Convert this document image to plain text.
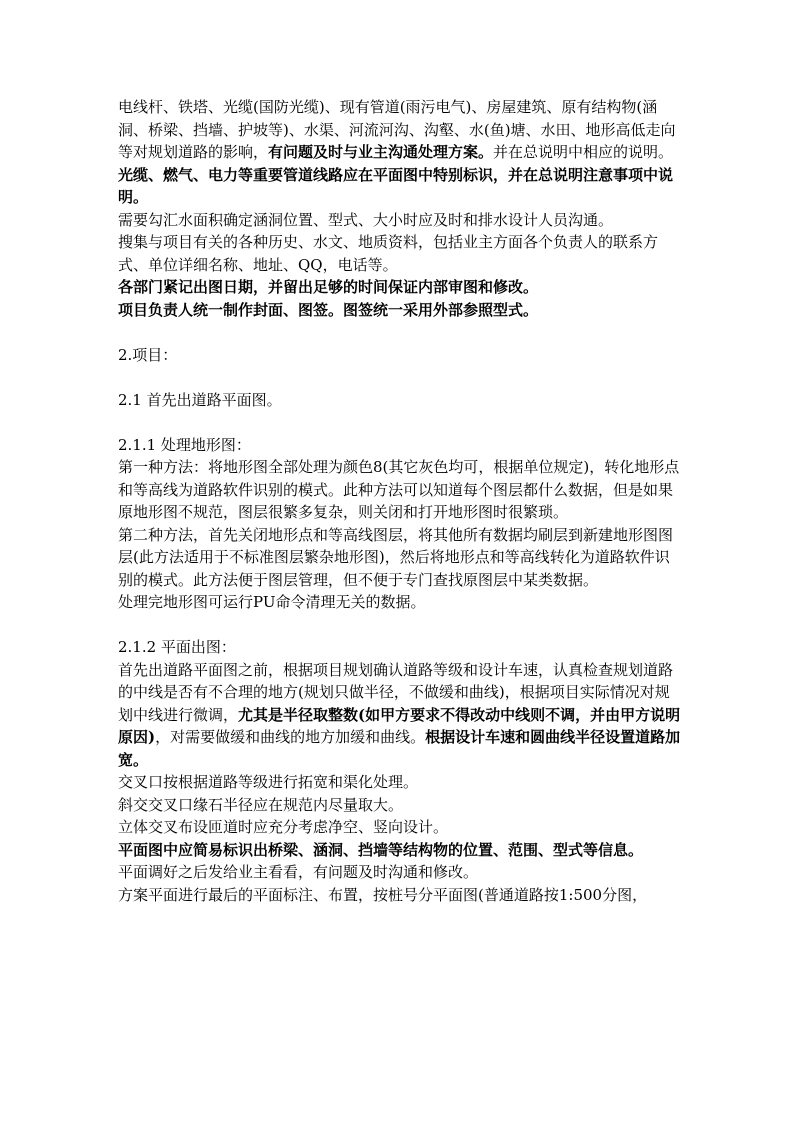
电线杆、铁塔、光缆(国防光缆)、现有管道(雨污电气)、房屋建筑、原有结构物(涵洞、桥梁、挡墙、护坡等)、水渠、河流河沟、沟壑、水(鱼)塘、水田、地形高低走向等对规划道路的影响，有问题及时与业主沟通处理方案。并在总说明中相应的说明。

光缆、燃气、电力等重要管道线路应在平面图中特别标识，并在总说明注意事项中说明。

需要勾汇水面积确定涵洞位置、型式、大小时应及时和排水设计人员沟通。

搜集与项目有关的各种历史、水文、地质资料，包括业主方面各个负责人的联系方式、单位详细名称、地址、QQ，电话等。

各部门紧记出图日期，并留出足够的时间保证内部审图和修改。

项目负责人统一制作封面、图签。图签统一采用外部参照型式。

2.项目：

2.1 首先出道路平面图。

2.1.1 处理地形图：

第一种方法：将地形图全部处理为颜色8(其它灰色均可，根据单位规定)，转化地形点和等高线为道路软件识别的模式。此种方法可以知道每个图层都什么数据，但是如果原地形图不规范，图层很繁多复杂，则关闭和打开地形图时很繁琐。

第二种方法，首先关闭地形点和等高线图层，将其他所有数据均刷层到新建地形图图层(此方法适用于不标准图层繁杂地形图)，然后将地形点和等高线转化为道路软件识别的模式。此方法便于图层管理，但不便于专门查找原图层中某类数据。

处理完地形图可运行PU命令清理无关的数据。

2.1.2 平面出图：

首先出道路平面图之前，根据项目规划确认道路等级和设计车速，认真检查规划道路的中线是否有不合理的地方(规划只做半径，不做缓和曲线)，根据项目实际情况对规划中线进行微调，尤其是半径取整数(如甲方要求不得改动中线则不调，并由甲方说明原因)，对需要做缓和曲线的地方加缓和曲线。根据设计车速和圆曲线半径设置道路加宽。

交叉口按根据道路等级进行拓宽和渠化处理。

斜交交叉口缘石半径应在规范内尽量取大。

立体交叉布设匝道时应充分考虑净空、竖向设计。

平面图中应简易标识出桥梁、涵洞、挡墙等结构物的位置、范围、型式等信息。

平面调好之后发给业主看看，有问题及时沟通和修改。

方案平面进行最后的平面标注、布置，按桩号分平面图(普通道路按1:500分图，
